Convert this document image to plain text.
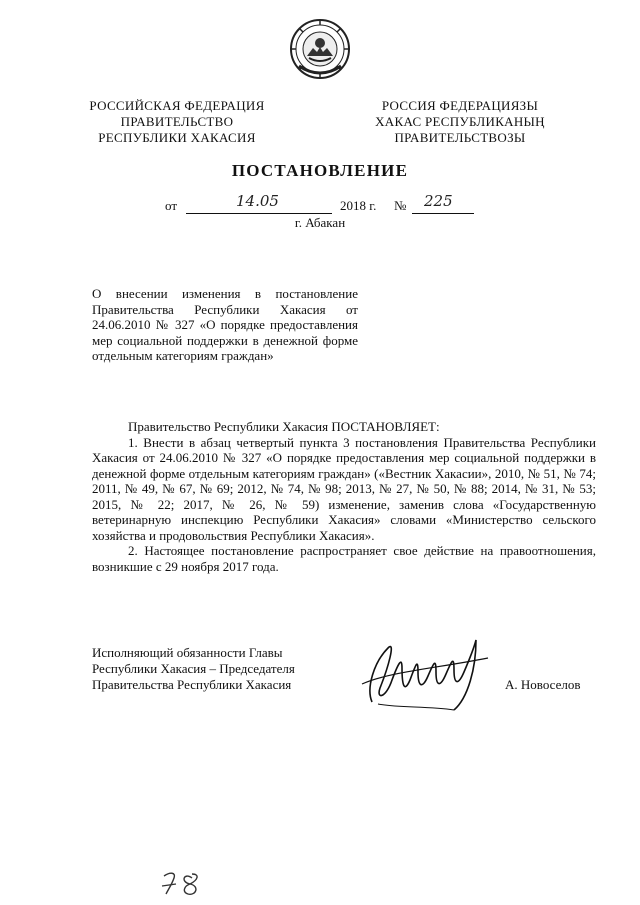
РОССИЙСКАЯ ФЕДЕРАЦИЯ
ПРАВИТЕЛЬСТВО
РЕСПУБЛИКИ ХАКАСИЯ
РОССИЯ ФЕДЕРАЦИЯЗЫ
ХАКАС РЕСПУБЛИКАНЫҢ
ПРАВИТЕЛЬСТВОЗЫ
ПОСТАНОВЛЕНИЕ
от	14.05	2018 г. № 225
г. Абакан
О внесении изменения в постановление Правительства Республики Хакасия от 24.06.2010 № 327 «О порядке предоставления мер социальной поддержки в денежной форме отдельным категориям граждан»

Правительство Республики Хакасия ПОСТАНОВЛЯЕТ:

1. Внести в абзац четвертый пункта 3 постановления Правительства Республики Хакасия от 24.06.2010 № 327 «О порядке предоставления мер социальной поддержки в денежной форме отдельным категориям граждан» («Вестник Хакасии», 2010, № 51, № 74; 2011, № 49, № 67, № 69; 2012, № 74, № 98; 2013, № 27, № 50, № 88; 2014, № 31, № 53; 2015, № 22; 2017, № 26, № 59) изменение, заменив слова «Государственную ветеринарную инспекцию Республики Хакасия» словами «Министерство сельского хозяйства и продовольствия Республики Хакасия».

2. Настоящее постановление распространяет свое действие на правоотношения, возникшие с 29 ноября 2017 года.

Исполняющий обязанности Главы
Республики Хакасия – Председателя
Правительства Республики Хакасия	А. Новоселов
